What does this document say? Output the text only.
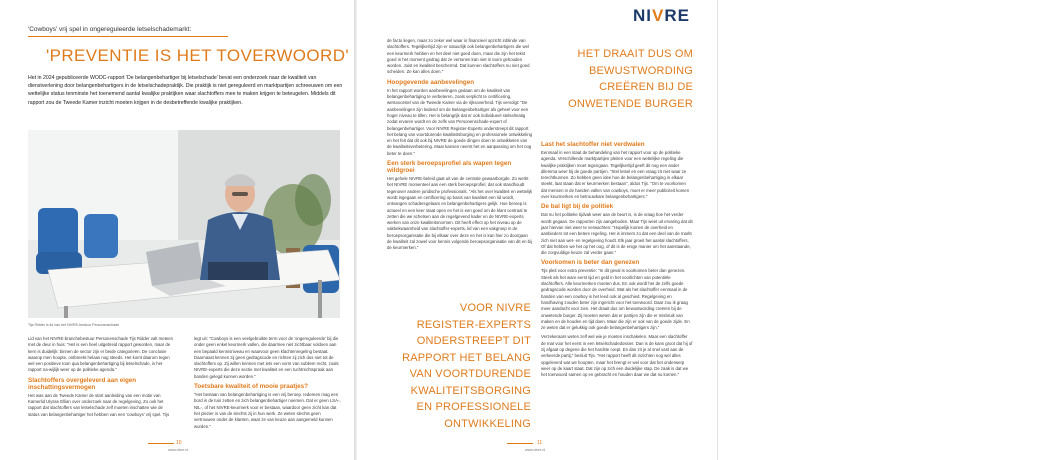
'Cowboys' vrij spel in ongereguleerde letselschademarkt:
'PREVENTIE IS HET TOVERWOORD'
Het in 2024 gepubliceerde WODC-rapport 'De belangenbehartiger bij letselschade' bevat een onderzoek naar de kwaliteit van dienstverlening door belangenbehartigers in de letselschadepraktijk. Die praktijk is niet gereguleerd en marktpartijen schreeuwen om een wettelijke status tenminste het toenemend aantal kwalijke praktijken waar slachtoffers mee te maken krijgen te beteugelen. Middels dit rapport zou de Tweede Kamer inzicht moeten krijgen in de desbetreffende kwalijke praktijken.
Tijs Ridder is lid van het NIVRE-bestuur Personenschade

Lid van het NIVRE-branchebestuur Personenschade Tijs Ridder valt meteen met de deur in huis: "Het is een heel uitgebreid rapport geworden, maar de kern is duidelijk: binnen de sector zijn er beide categorieën. De conclusie waarop men hoopte, ontbreekt helaas nog steeds. Het komt daarom tegen wel een positieve toon qua belangenbehartiging bij letselschade, is het rapport na-wijlijk weer op de politieke agenda."

Slachtoffers overgeleverd aan eigen inschattingsvermogen

Het was aan de Tweede Kamer de start aanleiding van een motie van Kamerlid Ulysse Ellian over onderzoek naar de regelgeving. Zo ook het rapport dat slachtoffers van letselschade zelf moeten inschatten wie de status van belangenbehartiger het hebben van een 'cowboys' vrij spel. Tijs

legt uit: "Cowboys is een veelgebruikte term voor de 'ongereguleerde' bij die onder geen enkel keurmerk vallen, die daarmee niet zichtbaar voldoen aan een bepaald kennisniveau en waarvoor geen klachtenregeling bestaat. Daarnaast kennen zij geen gedragscode en richten zij zich dus niet tot de slachtoffers op. Zij willen kennen met iets een vorm van subliem recht, zoals NIVRE-experts die deze sectie met kwaliteit en een tuchtrechtspraak aan banden gelegd kunnen worden."

Toetsbare kwaliteit of mooie praatjes?

"Het bestaan van belangenbehartiging is een vrij beroep. Iedereen mag een bord in de tuin zetten en zich belangenbehartiger noemen. Dat er geen LSA-, NIL-, of het NIVRE-keurmerk voor er bestaan, waardoor geen zicht kan dat het plezier is van de slechts zij in hun werk. Ze weten slechts geen vertrouwen onder de klanten, waar ze van keuze aan aangemeld kunnen worden."

10
www.nivre.nl
NIVRE

de facto liegen, maar zo zeker wel waar in financieel opzicht inblinde van slachtoffers. Tegelijkertijd zijn er natuurlijk ook belangenbehartigers die wel een keurmerk hebben en het deel niet goed doen, maar die zijn het tekst goed in het moment gedrag dat ze vertonen kan niet in toom gehouden worden. Juist en kwaliteit beschermd. Dat kunnen slachtoffers nu niet goed scheiden. Ze kan alles doen."

Hoopgevende aanbevelingen

In het rapport worden aanbevelingen gedaan om de kwaliteit van belangenbehartiging te verbeteren, zoals verplicht te certificering, wetsvoorstel van de Tweede Kamer via de rijksoverheid. Tijs vervolgt: "De aanbevelingen zijn leidend om de Belangenbehartiger als geheel voor een hoger niveau te tillen. Het is belangrijk dat er ook individueel stelselmatig zodat ervaren wordt en de zelfs van Personenschade-expert of belangenbehartiger. Voor NIVRE Register-Experts onderstreept dit rapport het belang van voortdurende kwaliteitsborging en professionele ontwikkeling en het feit dat dit ook bij NIVRE de goede dingen doen te ontwikkelen van de kwaliteitsverbetering. Maar kansen neemt het en aanpassing om het nog beter te doen."

Een sterk beroepsprofiel als wapen tegen wildgroei

Het gehele NIVRE-beleid gaat uit van de centrale gewaarborgde. Zo werkt het NIVRE momenteel aan een sterk beroepsprofiel, dat ook standhoudt tegenover andere juridische professionals. "Als het over kwaliteit en wettelijk wordt ingegaan en certificering op basis van kwaliteit een lid wordt, ontvangen schaderegelaars en belangenbehartigers gelijk. Hoe beroep is actueel en een keer staat open en het is een goed om de klant centraal te zetten die we schetsen aan de regelgevend kader en de NIVRE-experts werken van onze kwaliteitsnormen. Dit heeft effect op het niveau op de vakbekwaamheid van slachtoffer-experts, lid van een vakgroep in de beroepsorganisatie die bij elkaar over deze en het is kan hier zo doorgaan de kwaliteit zal zowel voor kennis volgende beroepsorganisatie van dit en bij de keurmerken."

HET DRAAIT DUS OM BEWUSTWORDING CREËREN BIJ DE ONWETENDE BURGER
Last het slachtoffer niet verdwalen

Eenmaal in een staat de behandeling van het rapport voor op de politieke agenda. Verschillende marktpartijen pleiten voor een wettelijke regeling die kwalijke praktijken moet tegengaan. Tegelijkertijd geeft dit nog een ander dilemma weer bij de goede partijen. "Stel letsel en een vraag zit niet waar ze terechtkunnen. Zo hebben geen idee hoe de belangenbehartiging in elkaar steekt, laat staan dat er keurmerken bestaan", aldus Tijs. "Om te voorkomen dat mensen in de handen vallen van cowboys, moet er meer publiciteit komen over keurmerken en betrouwbare belangenbehartigers."

De bal ligt bij de politiek

Dat nu het politieke tijdvak weer aan de beurt is, is de vraag hoe het verder wordt gegaan. De rapporten zijn aangeboden. Maar Tijs weet uit ervaring dat dit jaar hiervan niet weer te verwachten: "Hopelijk komen de overheid en aanbieders tot een betere regeling. Het is immers zo dat een deel van de markt zich niet aan wet- en regelgeving houdt. Elk jaar groeit het aantal slachtoffers. Of dat hebben we het op het oog, of dit is de enige manier om het aanstaande, die zorgvuldige keuze zal verder gaan."

Voorkomen is beter dan genezen

Tijs pleit voor extra preventie: "In dit geval is voorkomen beter dan genezen. Steek als het ware eerst tijd en geld in het voorlichten van potentiële slachtoffers. Alle keurmerken moeten dus. En ook wordt het de zelfs goede gedragscode worden door de overheid. Wat als het slachtoffer eenmaal in de handen van een cowboy is het leed ook al geschied. Regelgeving en handhaving zouden beter zijn ingericht voor het toerwoord. Daar zou ik graag meer aandacht voor zien. Het draait dus om bewustwording creëren bij de onwetende burger. Zij moeten weten dat er partijen zijn die er misbruik van maken en de houden en tijd doen. Maar die zijn er ook van de goede zijde. En ze weten dat er gelukkig ook goede belangenbehartigers zijn."

Verzekeraars weten zelf wel wie je moeten inschakelen. Maar een slachtoffer de mat voor het eerst in een letselschadedossier. Dan is de kans groot dat hij of zij afgaat op degene die het hardste roept. En dan zit je al snel vast aan de verkeerde partij," besluit Tijs. "Het rapport heeft dit inzichten nog wel alles opgeleverd wat we hoopten, maar het brengt er wel voor dat het onderwerp weer op de kaart staat. Dat zijn op zich een duidelijke stap. De zaak is dat we het toerwoord samen op en gebracht en houden daar we dat nu komen."

VOOR NIVRE REGISTER-EXPERTS ONDERSTREEPT DIT RAPPORT HET BELANG VAN VOORTDURENDE KWALITEITSBORGING EN PROFESSIONELE ONTWIKKELING
11
www.nivre.nl
